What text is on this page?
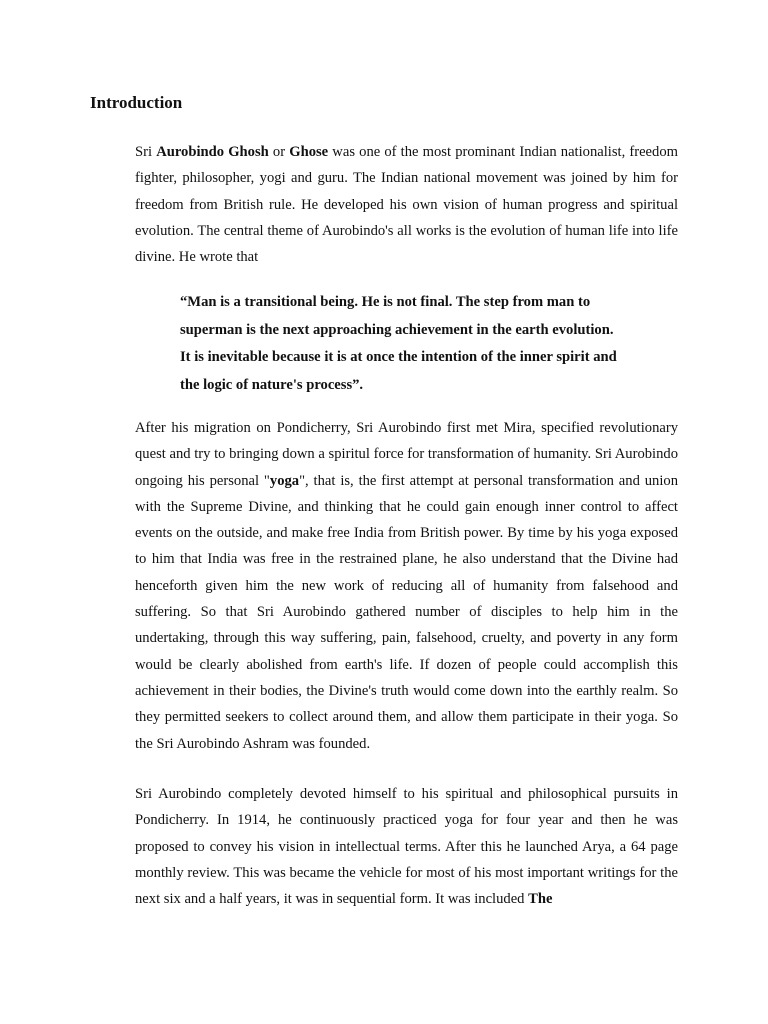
Introduction

Sri Aurobindo Ghosh or Ghose was one of the most prominant Indian nationalist, freedom fighter, philosopher, yogi and guru. The Indian national movement was joined by him for freedom from British rule. He developed his own vision of human progress and spiritual evolution. The central theme of Aurobindo's all works is the evolution of human life into life divine. He wrote that

“Man is a transitional being. He is not final. The step from man to
superman is the next approaching achievement in the earth evolution.
It is inevitable because it is at once the intention of the inner spirit and
the logic of nature's process”.

After his migration on Pondicherry, Sri Aurobindo first met Mira, specified revolutionary quest and try to bringing down a spiritul force for transformation of humanity. Sri Aurobindo ongoing his personal "yoga", that is, the first attempt at personal transformation and union with the Supreme Divine, and thinking that he could gain enough inner control to affect events on the outside, and make free India from British power. By time by his yoga exposed to him that India was free in the restrained plane, he also understand that the Divine had henceforth given him the new work of reducing all of humanity from falsehood and suffering. So that Sri Aurobindo gathered number of disciples to help him in the undertaking, through this way suffering, pain, falsehood, cruelty, and poverty in any form would be clearly abolished from earth's life. If dozen of people could accomplish this achievement in their bodies, the Divine's truth would come down into the earthly realm. So they permitted seekers to collect around them, and allow them participate in their yoga. So the Sri Aurobindo Ashram was founded.

Sri Aurobindo completely devoted himself to his spiritual and philosophical pursuits in Pondicherry. In 1914, he continuously practiced yoga for four year and then he was proposed to convey his vision in intellectual terms. After this he launched Arya, a 64 page monthly review. This was became the vehicle for most of his most important writings for the next six and a half years, it was in sequential form. It was included The
